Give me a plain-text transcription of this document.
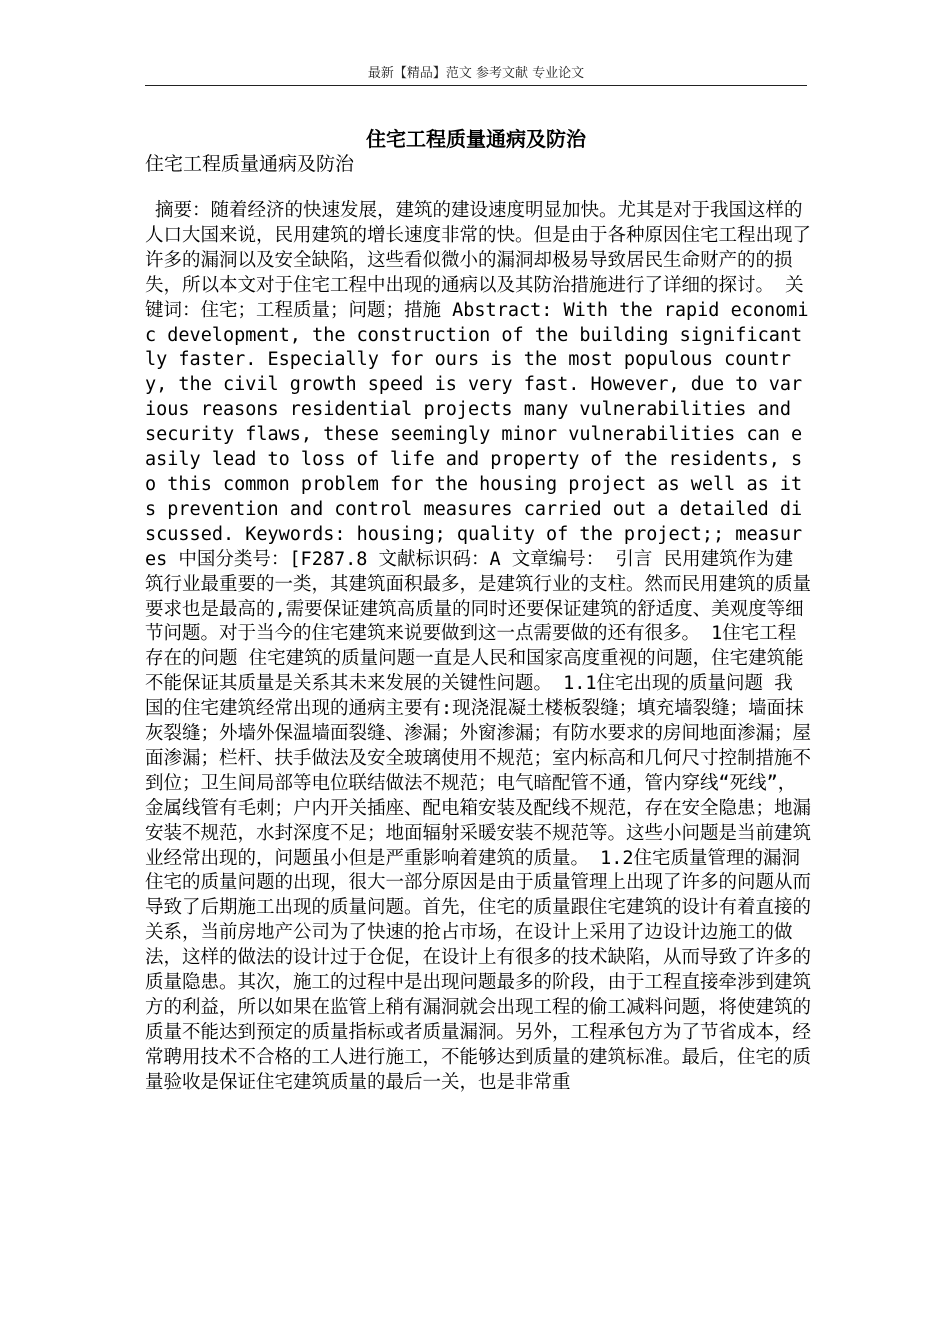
最新【精品】范文 参考文献 专业论文
住宅工程质量通病及防治
住宅工程质量通病及防治
摘要：随着经济的快速发展，建筑的建设速度明显加快。尤其是对于我国这样的人口大国来说，民用建筑的增长速度非常的快。但是由于各种原因住宅工程出现了许多的漏洞以及安全缺陷，这些看似微小的漏洞却极易导致居民生命财产的的损失，所以本文对于住宅工程中出现的通病以及其防治措施进行了详细的探讨。 关键词：住宅；工程质量；问题；措施 Abstract: With the rapid economic development, the construction of the building significantly faster. Especially for ours is the most populous country, the civil growth speed is very fast. However, due to various reasons residential projects many vulnerabilities and security flaws, these seemingly minor vulnerabilities can easily lead to loss of life and property of the residents, so this common problem for the housing project as well as its prevention and control measures carried out a detailed discussed. Keywords: housing; quality of the project;; measures 中国分类号：[F287.8 文献标识码：A 文章编号： 引言 民用建筑作为建筑行业最重要的一类，其建筑面积最多，是建筑行业的支柱。然而民用建筑的质量要求也是最高的,需要保证建筑高质量的同时还要保证建筑的舒适度、美观度等细节问题。对于当今的住宅建筑来说要做到这一点需要做的还有很多。 1住宅工程存在的问题 住宅建筑的质量问题一直是人民和国家高度重视的问题，住宅建筑能不能保证其质量是关系其未来发展的关键性问题。 1.1住宅出现的质量问题 我国的住宅建筑经常出现的通病主要有:现浇混凝土楼板裂缝；填充墙裂缝；墙面抹灰裂缝；外墙外保温墙面裂缝、渗漏；外窗渗漏；有防水要求的房间地面渗漏；屋面渗漏；栏杆、扶手做法及安全玻璃使用不规范；室内标高和几何尺寸控制措施不到位；卫生间局部等电位联结做法不规范；电气暗配管不通，管内穿线“死线”，金属线管有毛刺；户内开关插座、配电箱安装及配线不规范，存在安全隐患；地漏安装不规范，水封深度不足；地面辐射采暖安装不规范等。这些小问题是当前建筑业经常出现的，问题虽小但是严重影响着建筑的质量。 1.2住宅质量管理的漏洞 住宅的质量问题的出现，很大一部分原因是由于质量管理上出现了许多的问题从而导致了后期施工出现的质量问题。首先，住宅的质量跟住宅建筑的设计有着直接的关系，当前房地产公司为了快速的抢占市场，在设计上采用了边设计边施工的做法，这样的做法的设计过于仓促，在设计上有很多的技术缺陷，从而导致了许多的质量隐患。其次，施工的过程中是出现问题最多的阶段，由于工程直接牵涉到建筑方的利益，所以如果在监管上稍有漏洞就会出现工程的偷工减料问题，将使建筑的质量不能达到预定的质量指标或者质量漏洞。另外，工程承包方为了节省成本，经常聘用技术不合格的工人进行施工，不能够达到质量的建筑标准。最后，住宅的质量验收是保证住宅建筑质量的最后一关，也是非常重
